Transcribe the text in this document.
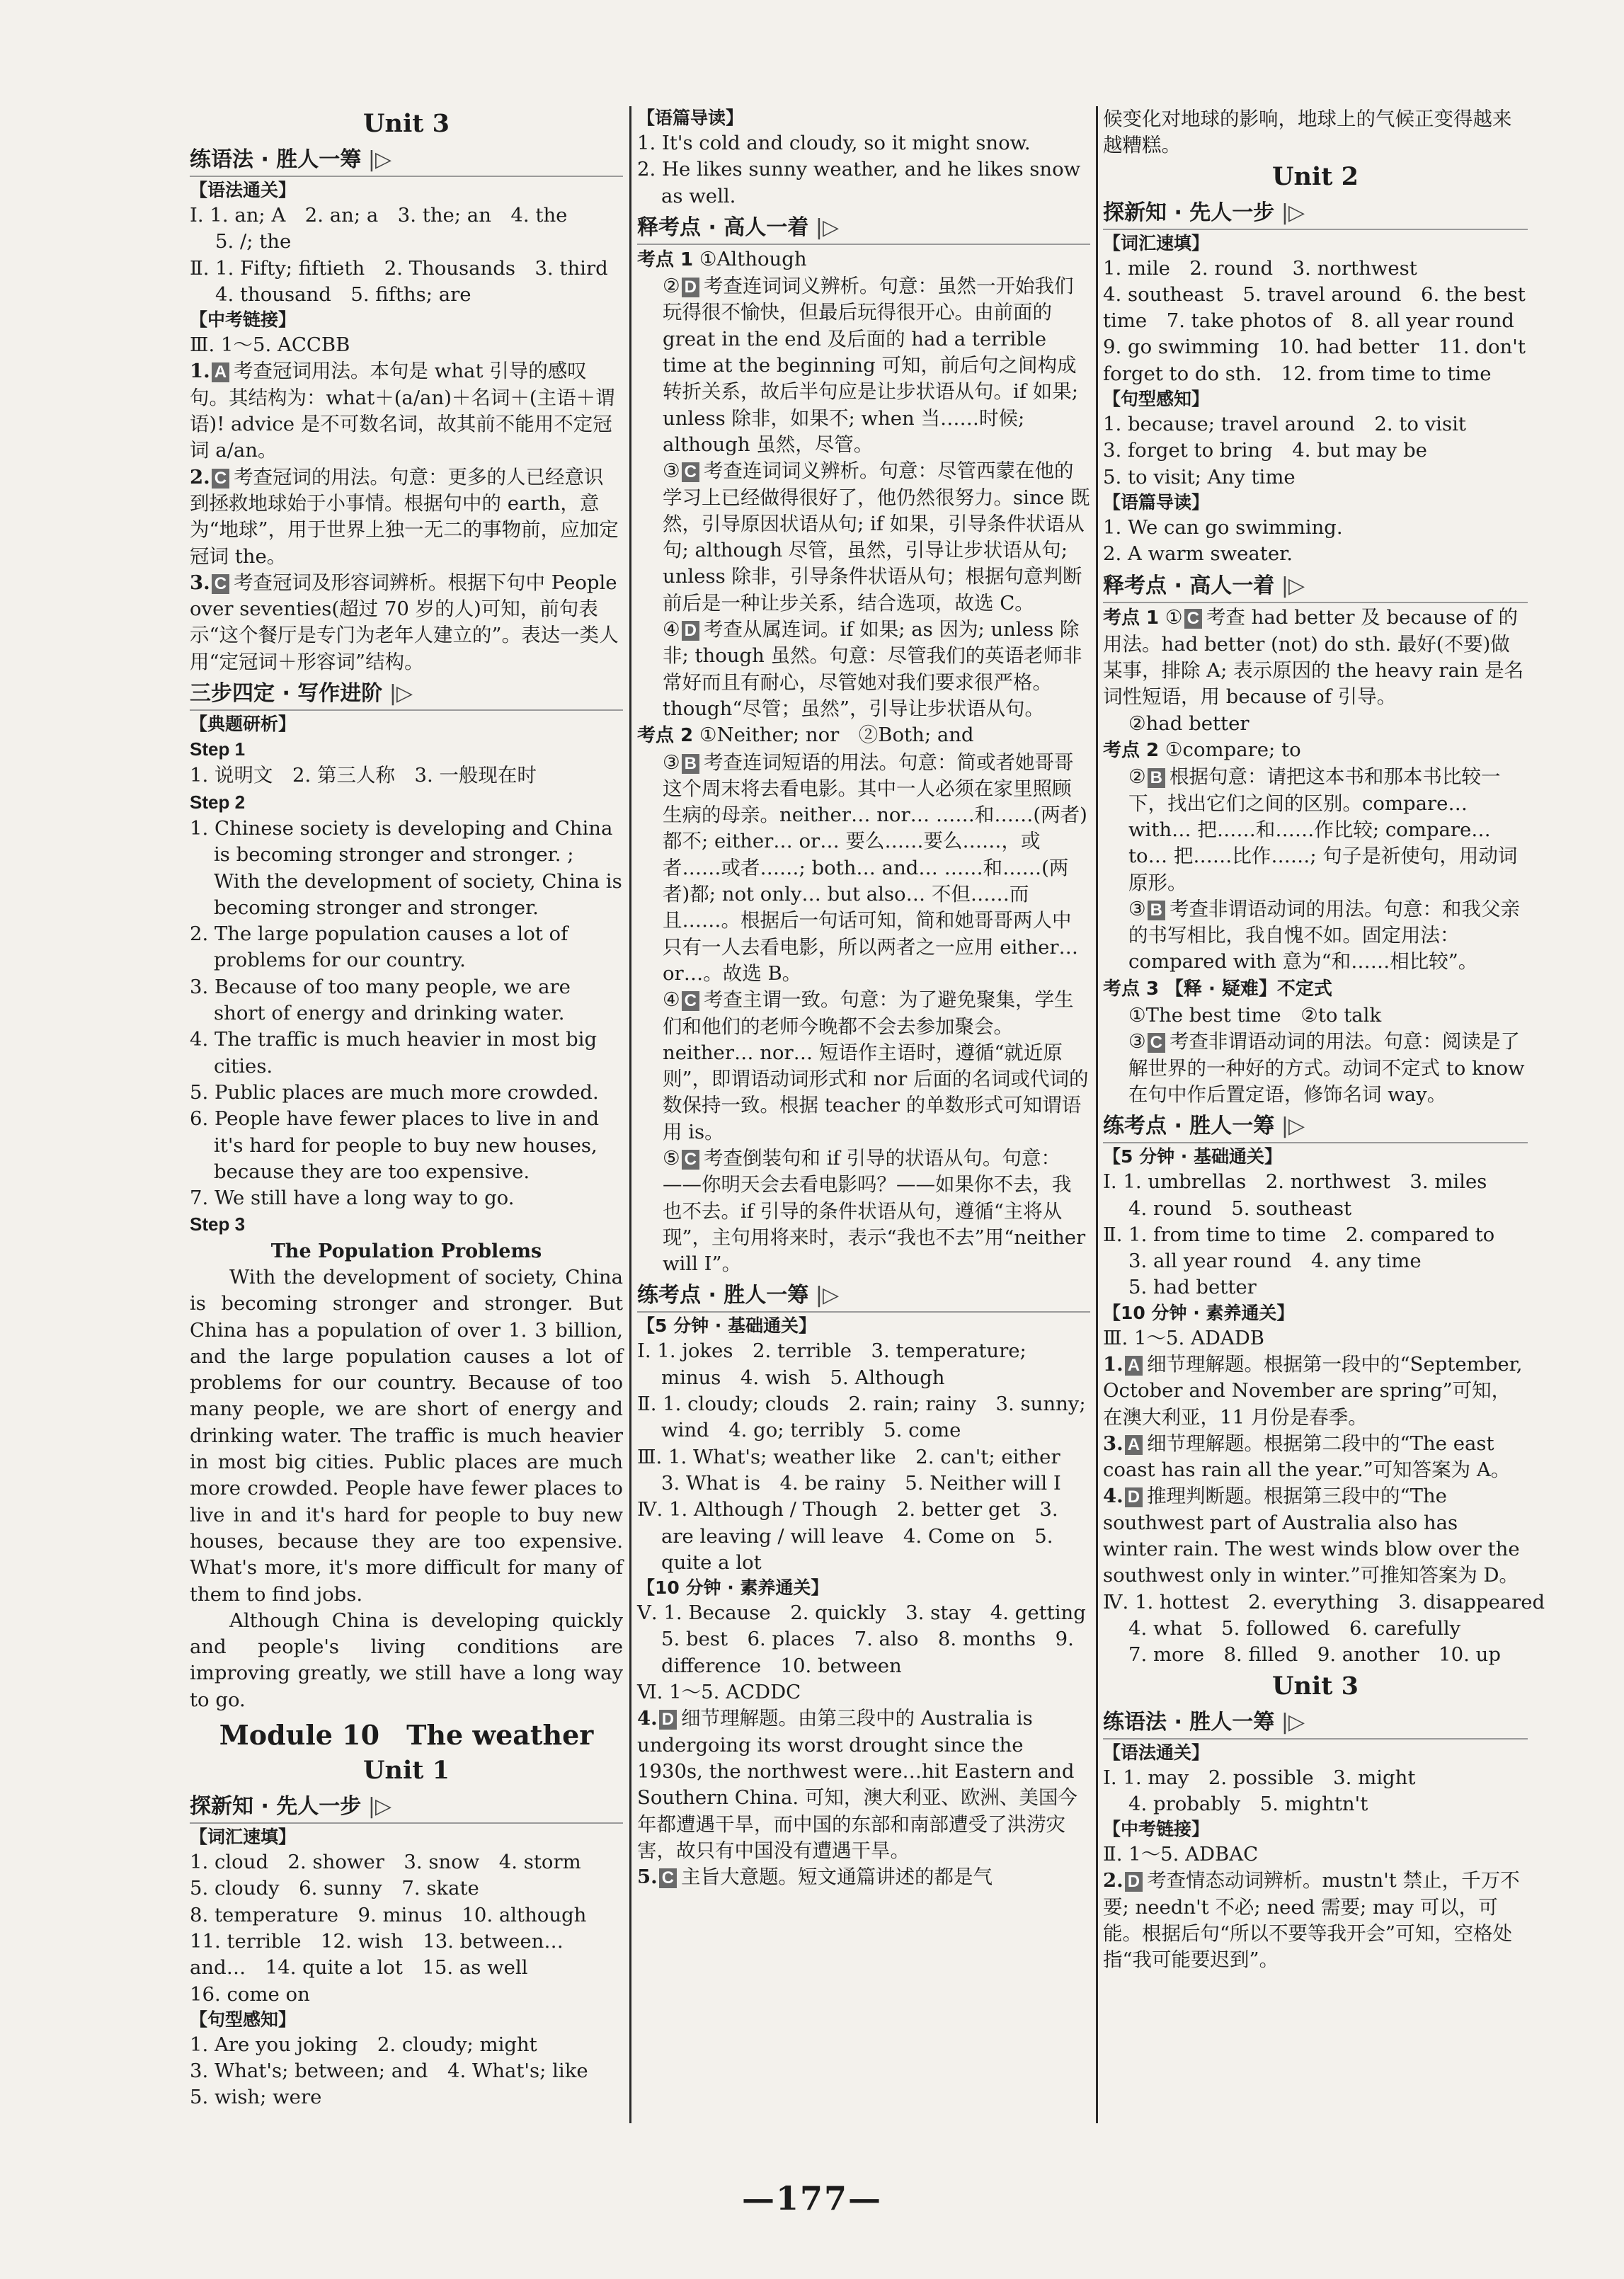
Unit 3
练语法 · 胜人一筹 |▷
【语法通关】
Ⅰ. 1. an; A　2. an; a　3. the; an　4. the
5. /; the
Ⅱ. 1. Fifty; fiftieth　2. Thousands　3. third
4. thousand　5. fifths; are
【中考链接】
Ⅲ. 1～5. ACCBB
1. A 考查冠词用法。本句是 what 引导的感叹句。其结构为：what＋(a/an)＋名词＋(主语＋谓语)! advice 是不可数名词，故其前不能用不定冠词 a/an。
2. C 考查冠词的用法。句意：更多的人已经意识到拯救地球始于小事情。根据句中的 earth，意为“地球”，用于世界上独一无二的事物前，应加定冠词 the。
3. C 考查冠词及形容词辨析。根据下句中 People over seventies(超过 70 岁的人)可知，前句表示“这个餐厅是专门为老年人建立的”。表达一类人用“定冠词＋形容词”结构。
三步四定 · 写作进阶 |▷
【典题研析】
Step 1
1. 说明文　2. 第三人称　3. 一般现在时
Step 2
1. Chinese society is developing and China is becoming stronger and stronger. ; With the development of society, China is becoming stronger and stronger.
2. The large population causes a lot of problems for our country.
3. Because of too many people, we are short of energy and drinking water.
4. The traffic is much heavier in most big cities.
5. Public places are much more crowded.
6. People have fewer places to live in and it's hard for people to buy new houses, because they are too expensive.
7. We still have a long way to go.
Step 3
The Population Problems
With the development of society, China is becoming stronger and stronger. But China has a population of over 1. 3 billion, and the large population causes a lot of problems for our country. Because of too many people, we are short of energy and drinking water. The traffic is much heavier in most big cities. Public places are much more crowded. People have fewer places to live in and it's hard for people to buy new houses, because they are too expensive. What's more, it's more difficult for many of them to find jobs.
Although China is developing quickly and people's living conditions are improving greatly, we still have a long way to go.
Module 10　The weather
Unit 1
探新知 · 先人一步 |▷
【词汇速填】
1. cloud　2. shower　3. snow　4. storm
5. cloudy　6. sunny　7. skate
8. temperature　9. minus　10. although
11. terrible　12. wish　13. between…
and…　14. quite a lot　15. as well
16. come on
【句型感知】
1. Are you joking　2. cloudy; might
3. What's; between; and　4. What's; like
5. wish; were
【语篇导读】
1. It's cold and cloudy, so it might snow.
2. He likes sunny weather, and he likes snow as well.
释考点 · 高人一着 |▷
考点 1 ①Although
② D 考查连词词义辨析。句意：虽然一开始我们玩得很不愉快，但最后玩得很开心。由前面的 great in the end 及后面的 had a terrible time at the beginning 可知，前后句之间构成转折关系，故后半句应是让步状语从句。if 如果; unless 除非，如果不; when 当……时候; although 虽然，尽管。
③ C 考查连词词义辨析。句意：尽管西蒙在他的学习上已经做得很好了，他仍然很努力。since 既然，引导原因状语从句; if 如果，引导条件状语从句; although 尽管，虽然，引导让步状语从句; unless 除非，引导条件状语从句；根据句意判断前后是一种让步关系，结合选项，故选 C。
④ D 考查从属连词。if 如果; as 因为; unless 除非; though 虽然。句意：尽管我们的英语老师非常好而且有耐心，尽管她对我们要求很严格。though“尽管；虽然”，引导让步状语从句。
考点 2 ①Neither; nor　②Both; and
③ B 考查连词短语的用法。句意：简或者她哥哥这个周末将去看电影。其中一人必须在家里照顾生病的母亲。neither… nor… ……和……(两者)都不; either… or… 要么……要么……，或者……或者……; both… and… ……和……(两者)都; not only… but also… 不但……而且……。根据后一句话可知，简和她哥哥两人中只有一人去看电影，所以两者之一应用 either… or…。故选 B。
④ C 考查主谓一致。句意：为了避免聚集，学生们和他们的老师今晚都不会去参加聚会。neither… nor… 短语作主语时，遵循“就近原则”，即谓语动词形式和 nor 后面的名词或代词的数保持一致。根据 teacher 的单数形式可知谓语用 is。
⑤ C 考查倒装句和 if 引导的状语从句。句意：——你明天会去看电影吗？——如果你不去，我也不去。if 引导的条件状语从句，遵循“主将从现”，主句用将来时，表示“我也不去”用“neither will I”。
练考点 · 胜人一筹 |▷
【5 分钟 · 基础通关】
Ⅰ. 1. jokes　2. terrible　3. temperature; minus　4. wish　5. Although
Ⅱ. 1. cloudy; clouds　2. rain; rainy　3. sunny; wind　4. go; terribly　5. come
Ⅲ. 1. What's; weather like　2. can't; either　3. What is　4. be rainy　5. Neither will I
Ⅳ. 1. Although / Though　2. better get　3. are leaving / will leave　4. Come on　5. quite a lot
【10 分钟 · 素养通关】
Ⅴ. 1. Because　2. quickly　3. stay　4. getting　5. best　6. places　7. also　8. months　9. difference　10. between
Ⅵ. 1～5. ACDDC
4. D 细节理解题。由第三段中的 Australia is undergoing its worst drought since the 1930s, the northwest were…hit Eastern and Southern China. 可知，澳大利亚、欧洲、美国今年都遭遇干旱，而中国的东部和南部遭受了洪涝灾害，故只有中国没有遭遇干旱。
5. C 主旨大意题。短文通篇讲述的都是气
候变化对地球的影响，地球上的气候正变得越来越糟糕。
Unit 2
探新知 · 先人一步 |▷
【词汇速填】
1. mile　2. round　3. northwest
4. southeast　5. travel around　6. the best
time　7. take photos of　8. all year round
9. go swimming　10. had better　11. don't
forget to do sth.　12. from time to time
【句型感知】
1. because; travel around　2. to visit
3. forget to bring　4. but may be
5. to visit; Any time
【语篇导读】
1. We can go swimming.
2. A warm sweater.
释考点 · 高人一着 |▷
考点 1 ① C 考查 had better 及 because of 的用法。had better (not) do sth. 最好(不要)做某事，排除 A; 表示原因的 the heavy rain 是名词性短语，用 because of 引导。
②had better
考点 2 ①compare; to
② B 根据句意：请把这本书和那本书比较一下，找出它们之间的区别。compare… with… 把……和……作比较; compare… to… 把……比作……; 句子是祈使句，用动词原形。
③ B 考查非谓语动词的用法。句意：和我父亲的书写相比，我自愧不如。固定用法：compared with 意为“和……相比较”。
考点 3 【释 · 疑难】不定式
①The best time　②to talk
③ C 考查非谓语动词的用法。句意：阅读是了解世界的一种好的方式。动词不定式 to know 在句中作后置定语，修饰名词 way。
练考点 · 胜人一筹 |▷
【5 分钟 · 基础通关】
Ⅰ. 1. umbrellas　2. northwest　3. miles
4. round　5. southeast
Ⅱ. 1. from time to time　2. compared to
3. all year round　4. any time
5. had better
【10 分钟 · 素养通关】
Ⅲ. 1～5. ADADB
1. A 细节理解题。根据第一段中的“September, October and November are spring”可知，在澳大利亚，11 月份是春季。
3. A 细节理解题。根据第二段中的“The east coast has rain all the year.”可知答案为 A。
4. D 推理判断题。根据第三段中的“The southwest part of Australia also has winter rain. The west winds blow over the southwest only in winter.”可推知答案为 D。
Ⅳ. 1. hottest　2. everything　3. disappeared
4. what　5. followed　6. carefully
7. more　8. filled　9. another　10. up
Unit 3
练语法 · 胜人一筹 |▷
【语法通关】
Ⅰ. 1. may　2. possible　3. might
4. probably　5. mightn't
【中考链接】
Ⅱ. 1～5. ADBAC
2. D 考查情态动词辨析。mustn't 禁止，千万不要; needn't 不必; need 需要; may 可以，可能。根据后句“所以不要等我开会”可知，空格处指“我可能要迟到”。
—177—
